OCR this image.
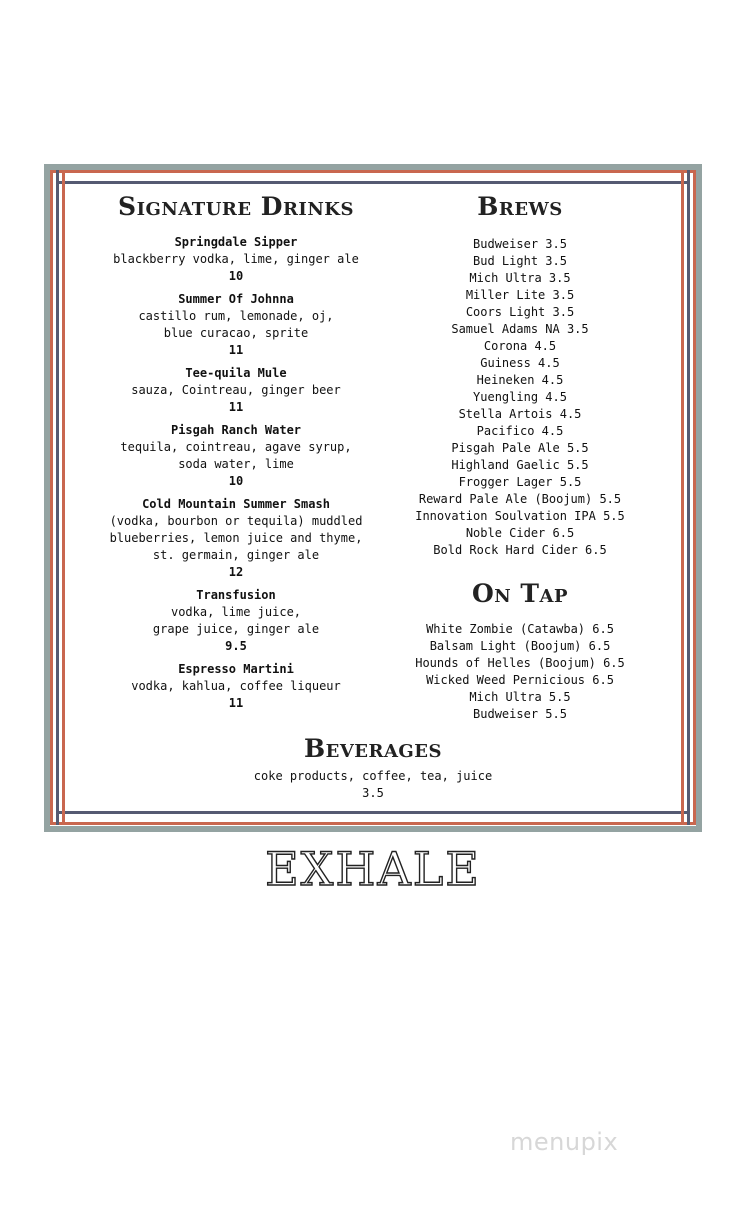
Signature Drinks
Springdale Sipper
blackberry vodka, lime, ginger ale
10
Summer Of Johnna
castillo rum, lemonade, oj,
blue curacao, sprite
11
Tee-quila Mule
sauza, Cointreau, ginger beer
11
Pisgah Ranch Water
tequila, cointreau, agave syrup,
soda water, lime
10
Cold Mountain Summer Smash
(vodka, bourbon or tequila) muddled
blueberries, lemon juice and thyme,
st. germain, ginger ale
12
Transfusion
vodka, lime juice,
grape juice, ginger ale
9.5
Espresso Martini
vodka, kahlua, coffee liqueur
11
Brews
Budweiser 3.5
Bud Light 3.5
Mich Ultra 3.5
Miller Lite 3.5
Coors Light 3.5
Samuel Adams NA 3.5
Corona 4.5
Guiness 4.5
Heineken 4.5
Yuengling 4.5
Stella Artois 4.5
Pacifico 4.5
Pisgah Pale Ale 5.5
Highland Gaelic 5.5
Frogger Lager 5.5
Reward Pale Ale (Boojum) 5.5
Innovation Soulvation IPA 5.5
Noble Cider 6.5
Bold Rock Hard Cider 6.5
On Tap
White Zombie (Catawba) 6.5
Balsam Light (Boojum) 6.5
Hounds of Helles (Boojum) 6.5
Wicked Weed Pernicious 6.5
Mich Ultra 5.5
Budweiser 5.5
Beverages
coke products, coffee, tea, juice
3.5
EXHALE
menupix
